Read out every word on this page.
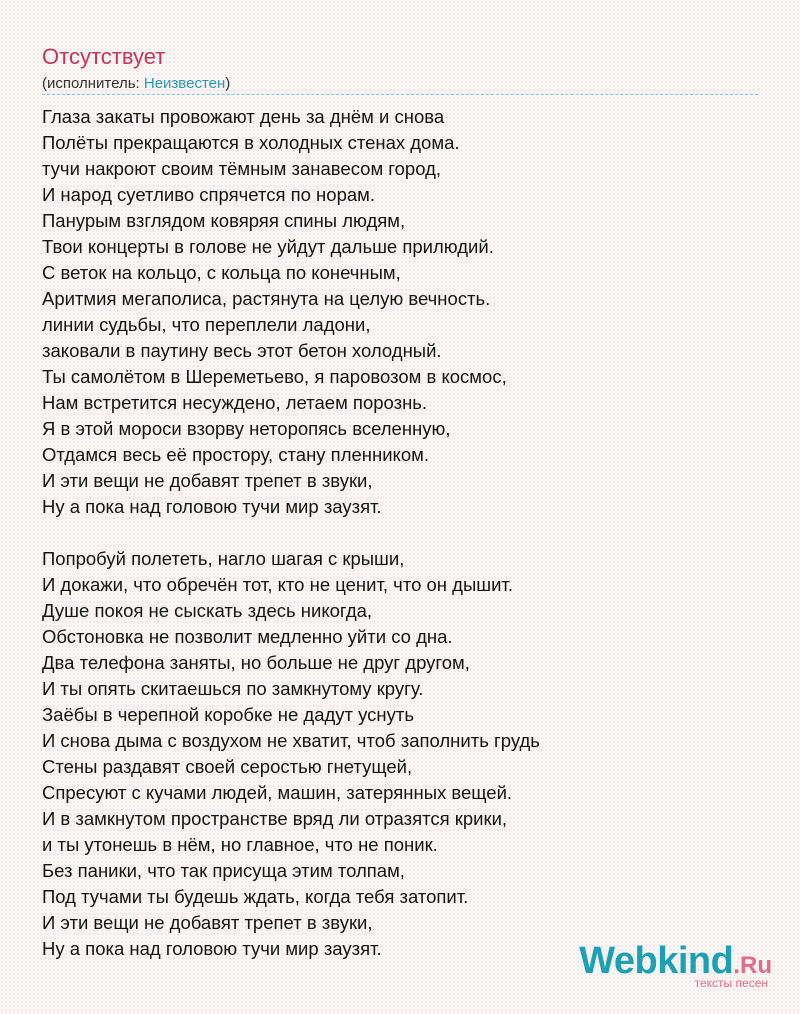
Отсутствует
(исполнитель: Неизвестен)
Глаза закаты провожают день за днём и снова
Полёты прекращаются в холодных стенах дома.
тучи накроют своим тёмным занавесом город,
И народ суетливо спрячется по норам.
Панурым взглядом ковяряя спины людям,
Твои концерты в голове не уйдут дальше прилюдий.
С веток на кольцо, с кольца по конечным,
Аритмия мегаполиса, растянута на целую вечность.
линии судьбы, что переплели ладони,
заковали в паутину весь этот бетон холодный.
Ты самолётом в Шереметьево, я паровозом в космос,
Нам встретится несуждено, летаем порознь.
Я в этой мороси взорву неторопясь вселенную,
Отдамся весь её простору, стану пленником.
И эти вещи не добавят трепет в звуки,
Ну а пока над головою тучи мир заузят.
Попробуй полететь, нагло шагая с крыши,
И докажи, что обречён тот, кто не ценит, что он дышит.
Душе покоя не сыскать здесь никогда,
Обстоновка не позволит медленно уйти со дна.
Два телефона заняты, но больше не друг другом,
И ты опять скитаешься по замкнутому кругу.
Заёбы в черепной коробке не дадут уснуть
И снова дыма с воздухом не хватит, чтоб заполнить грудь
Стены раздавят своей серостью гнетущей,
Спресуют с кучами людей, машин, затерянных вещей.
И в замкнутом пространстве вряд ли отразятся крики,
и ты утонешь в нём, но главное, что не поник.
Без паники, что так присуща этим толпам,
Под тучами ты будешь ждать, когда тебя затопит.
И эти вещи не добавят трепет в звуки,
Ну а пока над головою тучи мир заузят.	Webkind.Ru
тексты песен
